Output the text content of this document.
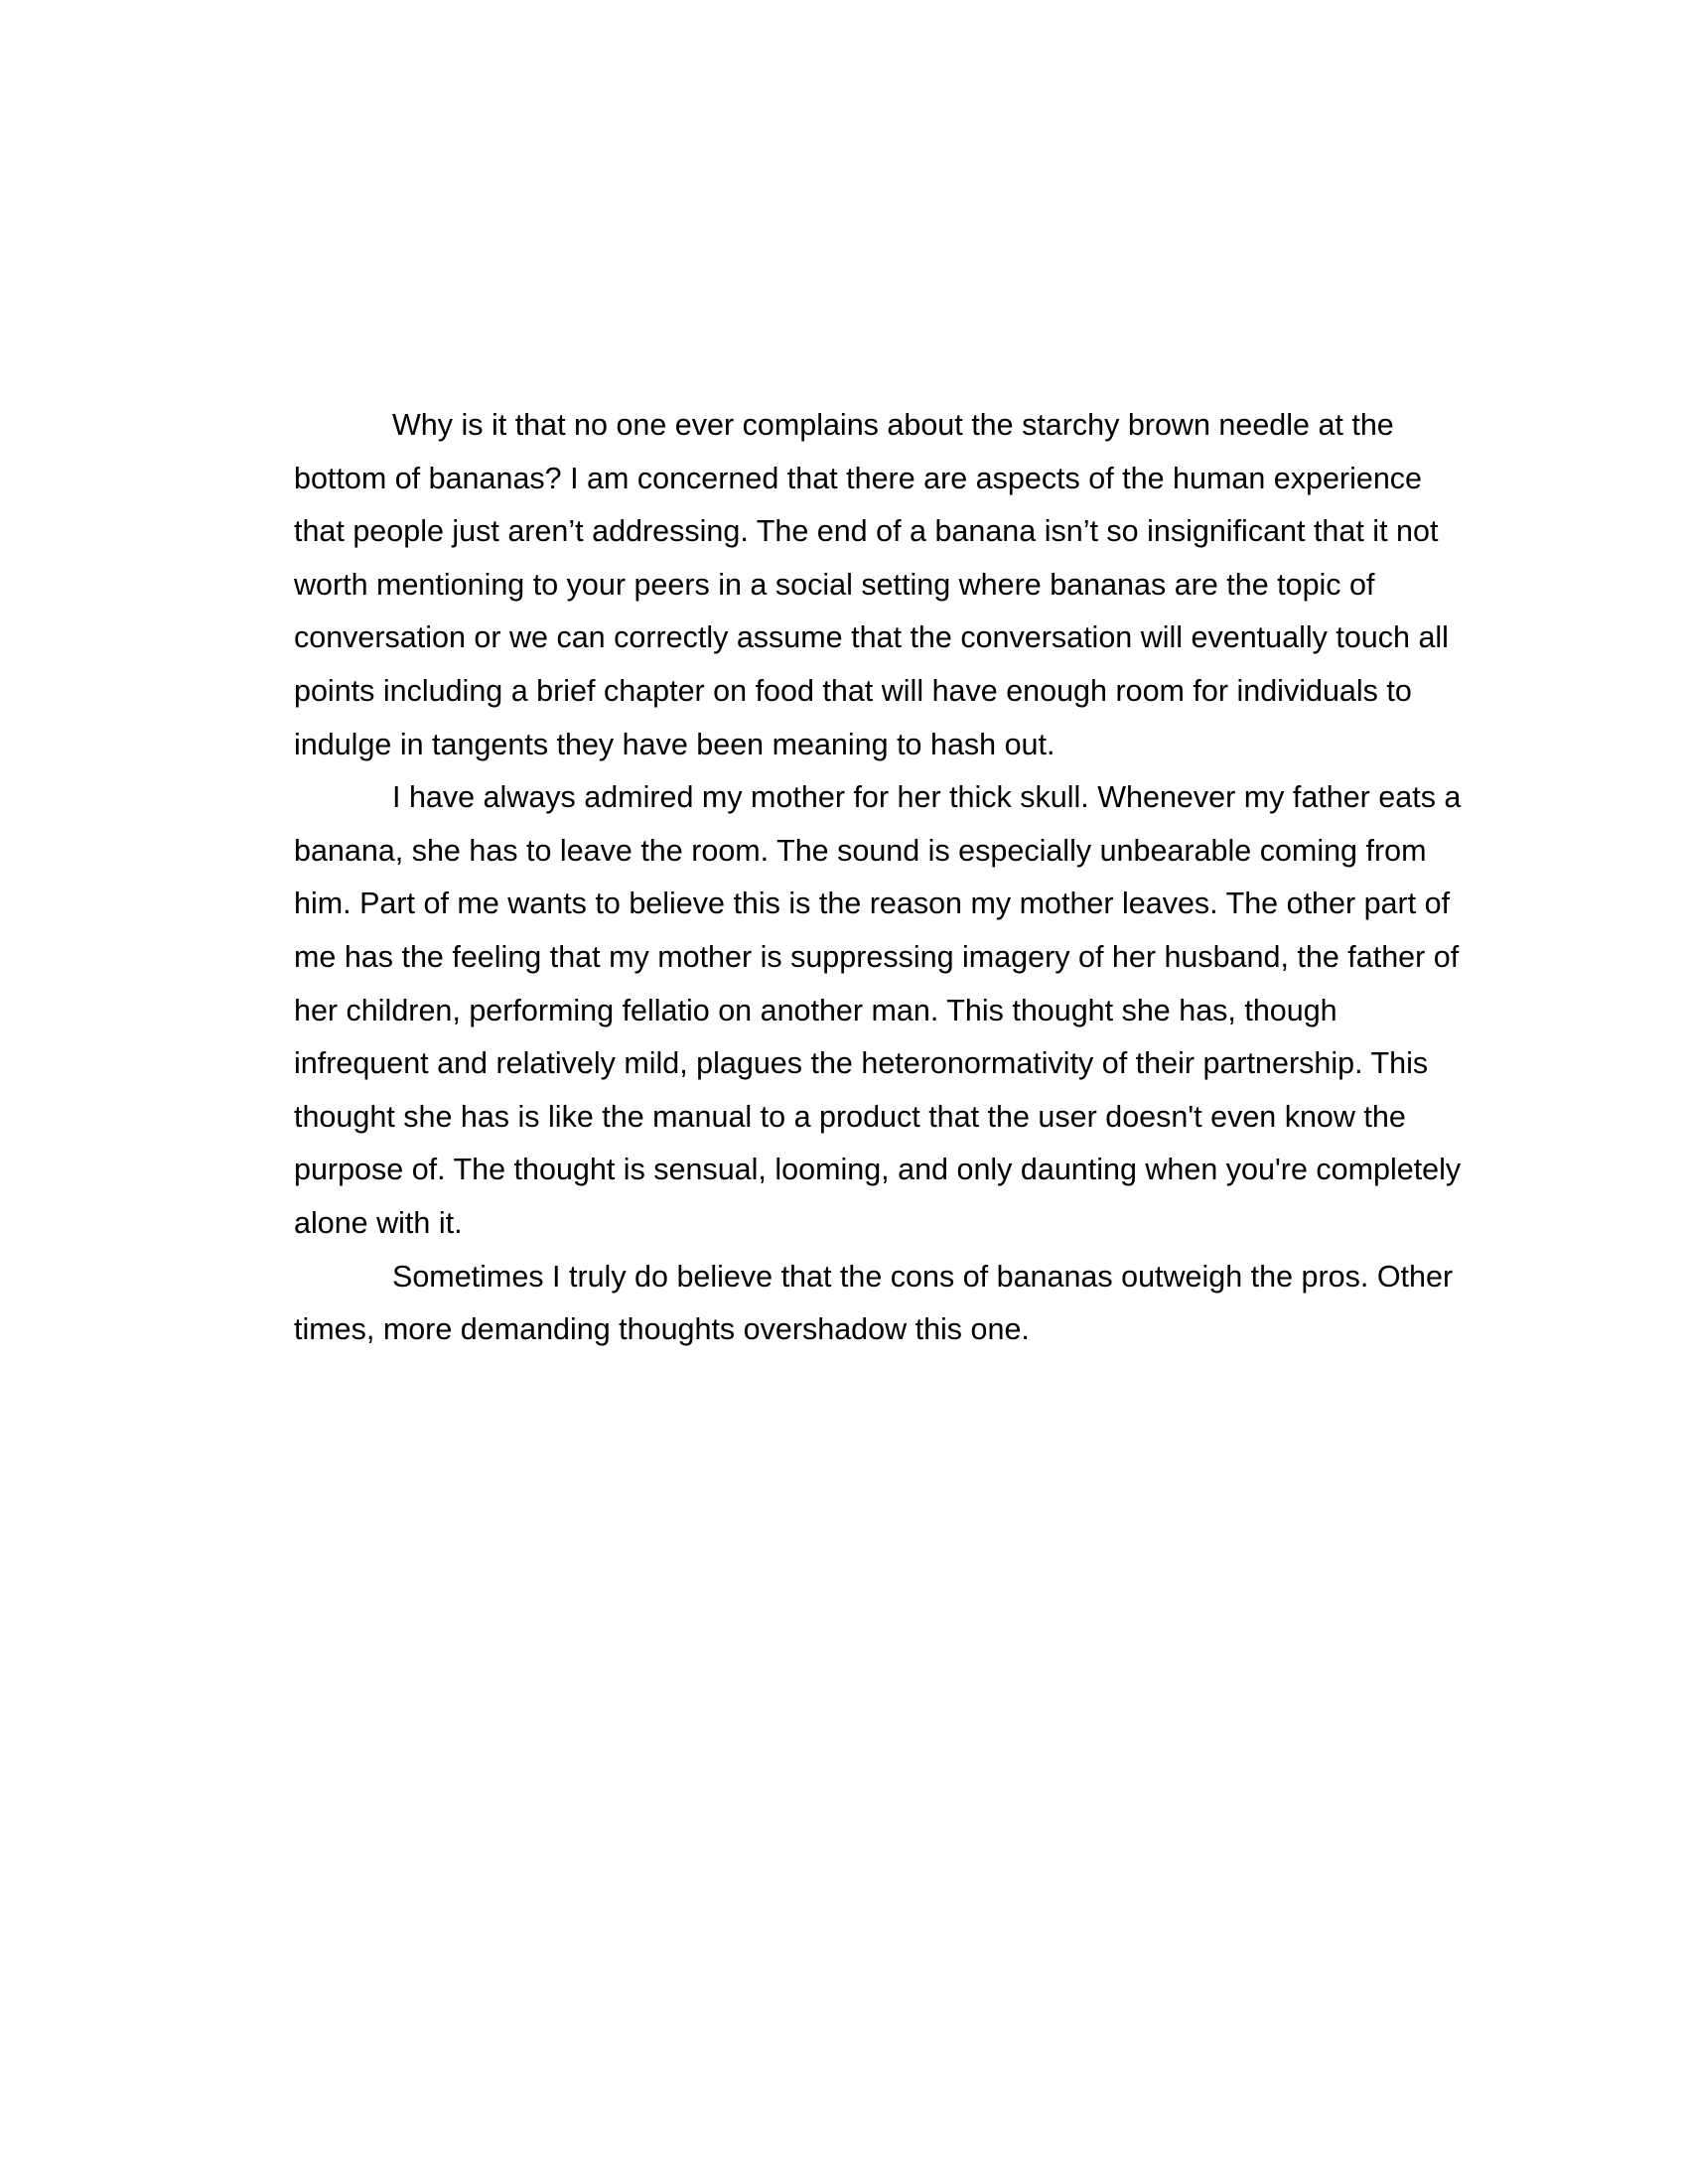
Why is it that no one ever complains about the starchy brown needle at the bottom of bananas? I am concerned that there are aspects of the human experience that people just aren’t addressing. The end of a banana isn’t so insignificant that it not worth mentioning to your peers in a social setting where bananas are the topic of conversation or we can correctly assume that the conversation will eventually touch all points including a brief chapter on food that will have enough room for individuals to indulge in tangents they have been meaning to hash out.

I have always admired my mother for her thick skull. Whenever my father eats a banana, she has to leave the room. The sound is especially unbearable coming from him. Part of me wants to believe this is the reason my mother leaves. The other part of me has the feeling that my mother is suppressing imagery of her husband, the father of her children, performing fellatio on another man. This thought she has, though infrequent and relatively mild, plagues the heteronormativity of their partnership. This thought she has is like the manual to a product that the user doesn't even know the purpose of. The thought is sensual, looming, and only daunting when you're completely alone with it.

Sometimes I truly do believe that the cons of bananas outweigh the pros. Other times, more demanding thoughts overshadow this one.
